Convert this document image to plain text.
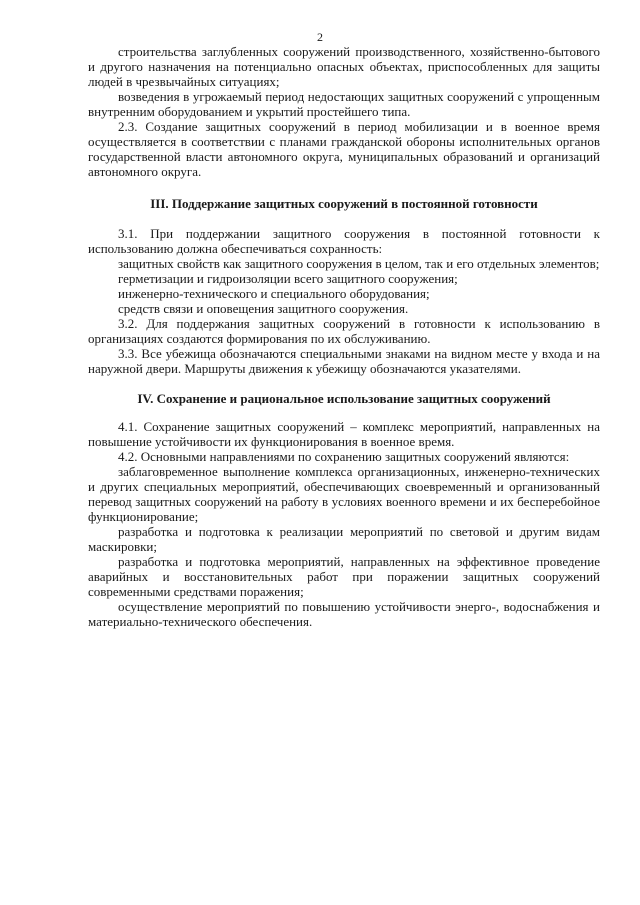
2

строительства заглубленных сооружений производственного, хозяйственно-бытового и другого назначения на потенциально опасных объектах, приспособленных для защиты людей в чрезвычайных ситуациях;

возведения в угрожаемый период недостающих защитных сооружений с упрощенным внутренним оборудованием и укрытий простейшего типа.

2.3. Создание защитных сооружений в период мобилизации и в военное время осуществляется в соответствии с планами гражданской обороны исполнительных органов государственной власти автономного округа, муниципальных образований и организаций автономного округа.

III. Поддержание защитных сооружений в постоянной готовности

3.1. При поддержании защитного сооружения в постоянной готовности к использованию должна обеспечиваться сохранность:

защитных свойств как защитного сооружения в целом, так и его отдельных элементов;

герметизации и гидроизоляции всего защитного сооружения;

инженерно-технического и специального оборудования;

средств связи и оповещения защитного сооружения.

3.2. Для поддержания защитных сооружений в готовности к использованию в организациях создаются формирования по их обслуживанию.

3.3. Все убежища обозначаются специальными знаками на видном месте у входа и на наружной двери. Маршруты движения к убежищу обозначаются указателями.

IV. Сохранение и рациональное использование защитных сооружений

4.1. Сохранение защитных сооружений – комплекс мероприятий, направленных на повышение устойчивости их функционирования в военное время.

4.2. Основными направлениями по сохранению защитных сооружений являются:

заблаговременное выполнение комплекса организационных, инженерно-технических и других специальных мероприятий, обеспечивающих своевременный и организованный перевод защитных сооружений на работу в условиях военного времени и их бесперебойное функционирование;

разработка и подготовка к реализации мероприятий по световой и другим видам маскировки;

разработка и подготовка мероприятий, направленных на эффективное проведение аварийных и восстановительных работ при поражении защитных сооружений современными средствами поражения;

осуществление мероприятий по повышению устойчивости энерго-, водоснабжения и материально-технического обеспечения.
